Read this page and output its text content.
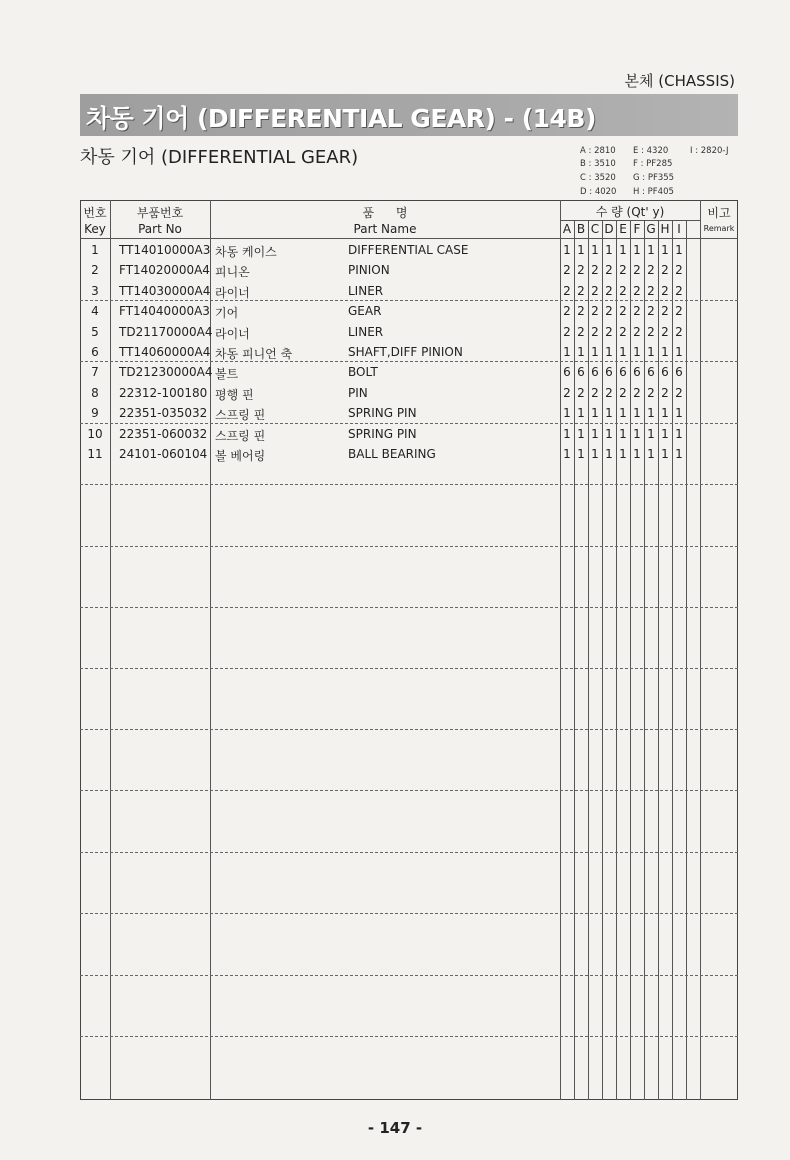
본체 (CHASSIS)
차동 기어 (DIFFERENTIAL GEAR) - (14B)
차동 기어 (DIFFERENTIAL GEAR)	A : 2810
B : 3510
C : 3520
D : 4020
E : 4320
F : PF285
G : PF355
H : PF405
I : 2820-J
번호
Key
부품번호
Part No
품 명
Part Name
수 량 (Qt' y)	비고
Remark
A B C D E F G H I
1	TT14010000A3 차동 케이스	DIFFERENTIAL CASE	1 1 1 1 1 1 1 1 1
2	FT14020000A4 피니온	PINION	2 2 2 2 2 2 2 2 2
3	TT14030000A4 라이너	LINER	2 2 2 2 2 2 2 2 2
4	FT14040000A3 기어	GEAR	2 2 2 2 2 2 2 2 2
5	TD21170000A4 라이너	LINER	2 2 2 2 2 2 2 2 2
6	TT14060000A4 차동 피니언 축	SHAFT,DIFF PINION	1 1 1 1 1 1 1 1 1
7	TD21230000A4 볼트	BOLT	6 6 6 6 6 6 6 6 6
8	22312-100180 평행 핀	PIN	2 2 2 2 2 2 2 2 2
9	22351-035032 스프링 핀	SPRING PIN	1 1 1 1 1 1 1 1 1
10	22351-060032 스프링 핀	SPRING PIN	1 1 1 1 1 1 1 1 1
11	24101-060104 볼 베어링	BALL BEARING	1 1 1 1 1 1 1 1 1
- 147 -
